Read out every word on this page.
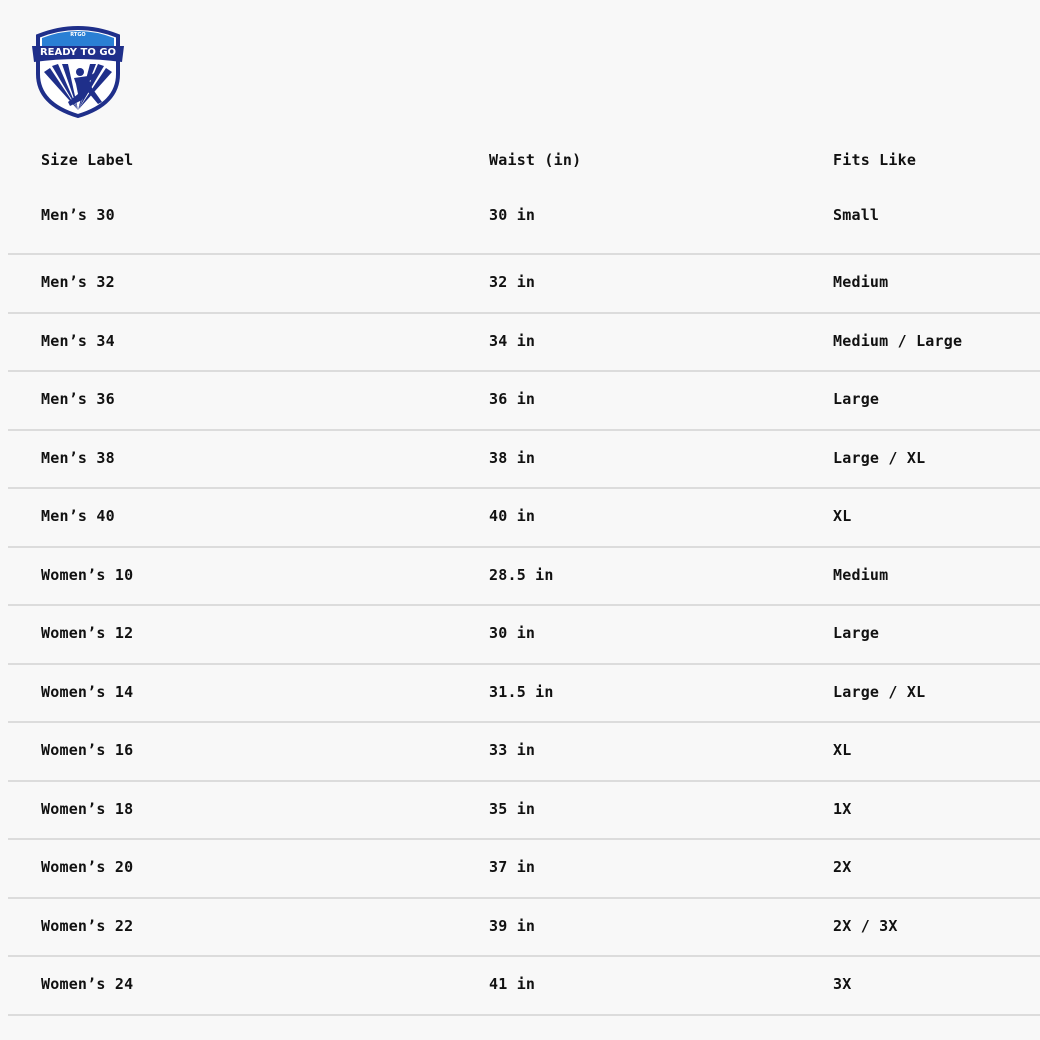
RTGO
READY TO GO
APPAREL
Size Label	Waist (in)	Fits Like
Men’s 30	30 in	Small
Men’s 32	32 in	Medium
Men’s 34	34 in	Medium / Large
Men’s 36	36 in	Large
Men’s 38	38 in	Large / XL
Men’s 40	40 in	XL
Women’s 10	28.5 in	Medium
Women’s 12	30 in	Large
Women’s 14	31.5 in	Large / XL
Women’s 16	33 in	XL
Women’s 18	35 in	1X
Women’s 20	37 in	2X
Women’s 22	39 in	2X / 3X
Women’s 24	41 in	3X
